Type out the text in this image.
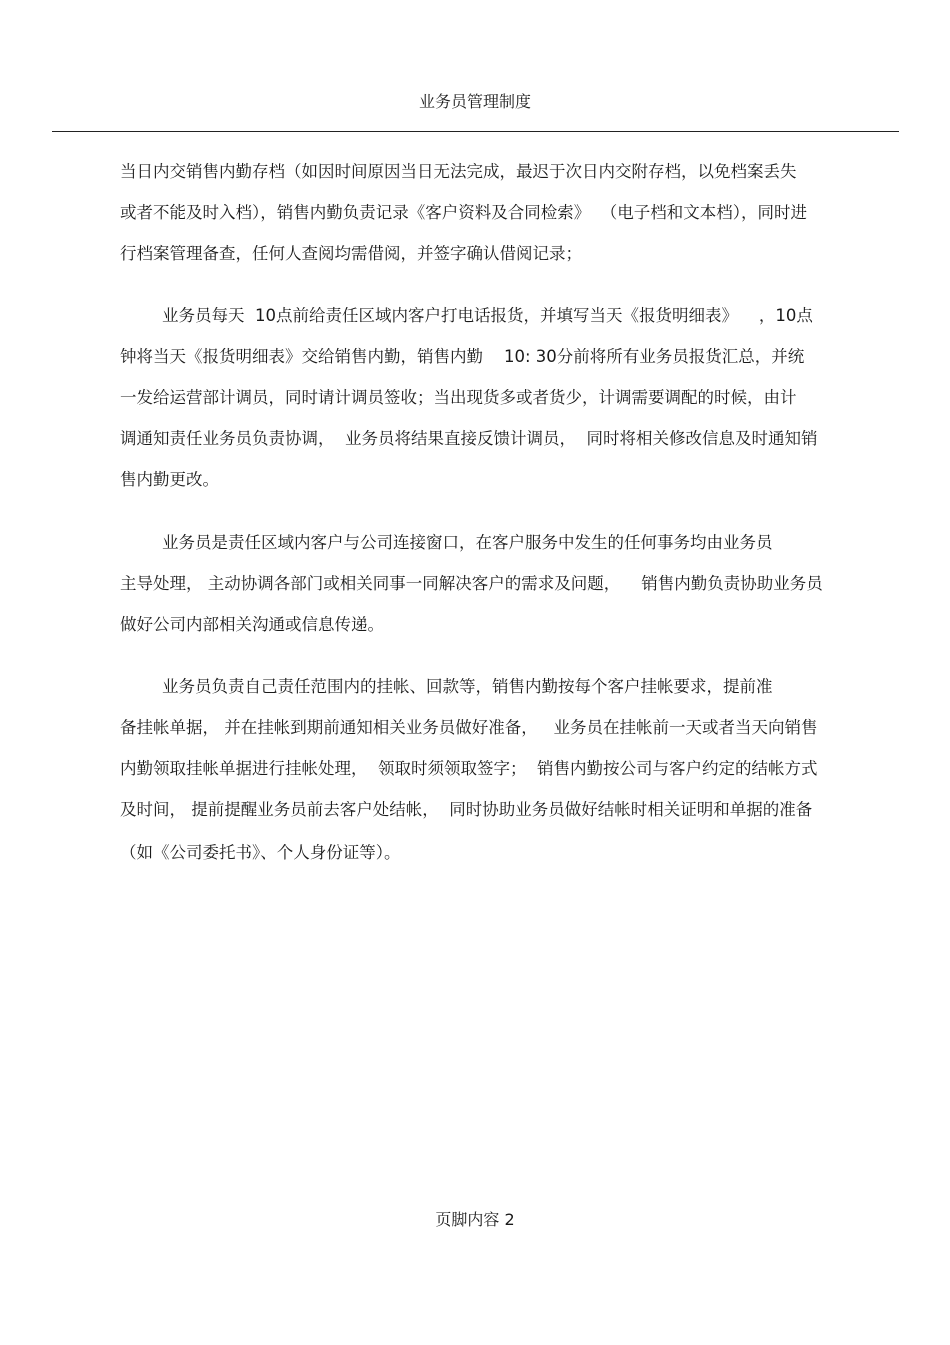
业务员管理制度
当日内交销售内勤存档（如因时间原因当日无法完成，最迟于次日内交附存档，以免档案丢失
或者不能及时入档），销售内勤负责记录《客户资料及合同检索》  （电子档和文本档），同时进
行档案管理备查，任何人查阅均需借阅，并签字确认借阅记录；
业务员每天  10点前给责任区域内客户打电话报货，并填写当天《报货明细表》    ，10点
钟将当天《报货明细表》交给销售内勤，销售内勤    10: 30分前将所有业务员报货汇总，并统
一发给运营部计调员，同时请计调员签收；当出现货多或者货少，计调需要调配的时候，由计
调通知责任业务员负责协调，  业务员将结果直接反馈计调员，  同时将相关修改信息及时通知销
售内勤更改。
业务员是责任区域内客户与公司连接窗口，在客户服务中发生的任何事务均由业务员
主导处理， 主动协调各部门或相关同事一同解决客户的需求及问题，    销售内勤负责协助业务员
做好公司内部相关沟通或信息传递。
业务员负责自己责任范围内的挂帐、回款等，销售内勤按每个客户挂帐要求，提前准
备挂帐单据， 并在挂帐到期前通知相关业务员做好准备，   业务员在挂帐前一天或者当天向销售
内勤领取挂帐单据进行挂帐处理，  领取时须领取签字；  销售内勤按公司与客户约定的结帐方式
及时间， 提前提醒业务员前去客户处结帐，  同时协助业务员做好结帐时相关证明和单据的准备
（如《公司委托书》、个人身份证等）。
页脚内容 2
